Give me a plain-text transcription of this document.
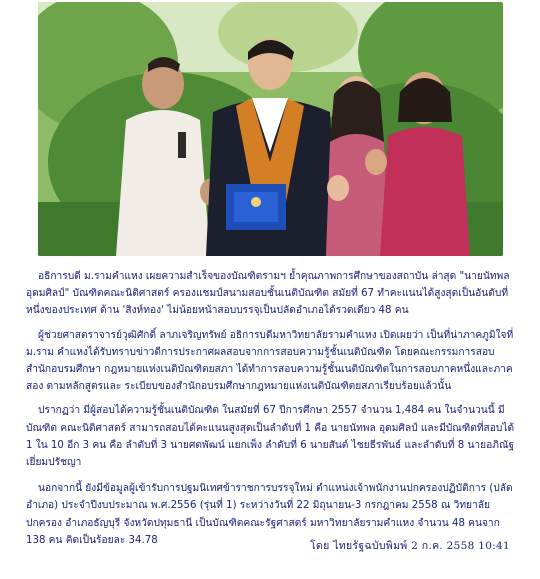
อธิการบดี ม.รามคำแหง เผยความสำเร็จของบัณฑิตรามฯ ย้ำคุณภาพการศึกษาของสถาบัน ล่าสุด "นายนัทพล อุดมศิลป์" บัณฑิตคณะนิติศาสตร์ ครองแชมป์สนามสอบชั้นเนติบัณฑิต สมัยที่ 67 ทำคะแนนได้สูงสุดเป็นอันดับที่หนึ่งของประเทศ ด้าน 'สิงห์ทอง' ไม่น้อยหน้าสอบบรรจุเป็นปลัดอำเภอได้รวดเดียว 48 คน

ผู้ช่วยศาสตราจารย์วุฒิศักดิ์ ลาภเจริญทรัพย์ อธิการบดีมหาวิทยาลัยรามคำแหง เปิดเผยว่า เป็นที่น่าภาคภูมิใจที่ ม.ราม คำแหงได้รับทราบข่าวดีการประกาศผลสอบจากการสอบความรู้ชั้นเนติบัณฑิต โดยคณะกรรมการสอบสำนักอบรมศึกษา กฎหมายแห่งเนติบัณฑิตยสภา ได้ทำการสอบความรู้ชั้นเนติบัณฑิตในการสอบภาคหนึ่งและภาคสอง ตามหลักสูตรและ ระเบียบของสำนักอบรมศึกษากฎหมายแห่งเนติบัณฑิตยสภาเรียบร้อยแล้วนั้น

ปรากฏว่า มีผู้สอบได้ความรู้ชั้นเนติบัณฑิต ในสมัยที่ 67 ปีการศึกษา 2557 จำนวน 1,484 คน ในจำนวนนี้ มีบัณฑิต คณะนิติศาสตร์ สามารถสอบได้คะแนนสูงสุดเป็นลำดับที่ 1 คือ นายนัทพล อุดมศิลป์ และมีบัณฑิตที่สอบได้ 1 ใน 10 อีก 3 คน คือ ลำดับที่ 3 นายศตพัฒน์ แยกเพ็ง ลำดับที่ 6 นายสันต์ ไชยธีรพันธ์ และลำดับที่ 8 นายอภิณัฐ เยี่ยมปรัชญา

นอกจากนี้ ยังมีข้อมูลผู้เข้ารับการปฐมนิเทศข้าราชการบรรจุใหม่ ตำแหน่งเจ้าพนักงานปกครองปฏิบัติการ (ปลัดอำเภอ) ประจำปีงบประมาณ พ.ศ.2556 (รุ่นที่ 1) ระหว่างวันที่ 22 มิถุนายน-3 กรกฎาคม 2558 ณ วิทยาลัยปกครอง อำเภอธัญบุรี จังหวัดปทุมธานี เป็นบัณฑิตคณะรัฐศาสตร์ มหาวิทยาลัยรามคำแหง จำนวน 48 คนจาก 138 คน คิดเป็นร้อยละ 34.78	โดย ไทยรัฐฉบับพิมพ์ 2 ก.ค. 2558 10:41
